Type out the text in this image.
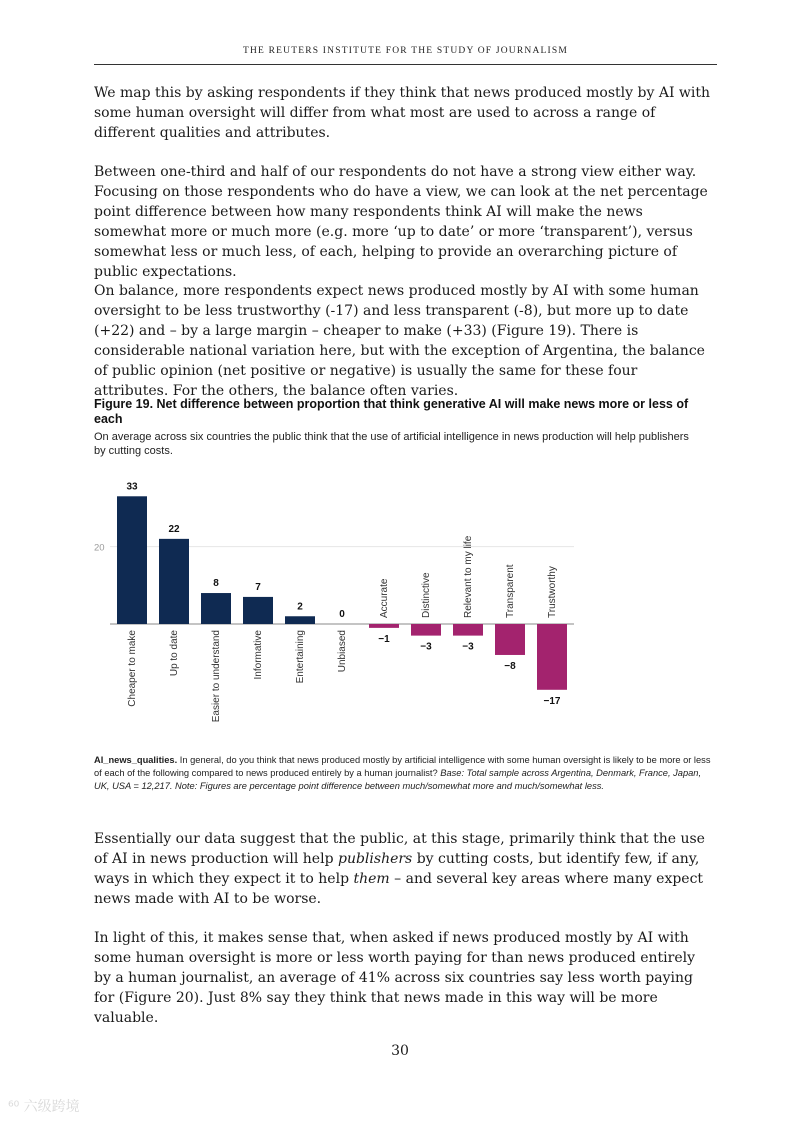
THE REUTERS INSTITUTE FOR THE STUDY OF JOURNALISM

We map this by asking respondents if they think that news produced mostly by AI with some human oversight will differ from what most are used to across a range of different qualities and attributes.

Between one-third and half of our respondents do not have a strong view either way. Focusing on those respondents who do have a view, we can look at the net percentage point difference between how many respondents think AI will make the news somewhat more or much more (e.g. more ‘up to date’ or more ‘transparent’), versus somewhat less or much less, of each, helping to provide an overarching picture of public expectations.

On balance, more respondents expect news produced mostly by AI with some human oversight to be less trustworthy (-17) and less transparent (-8), but more up to date (+22) and – by a large margin – cheaper to make (+33) (Figure 19). There is considerable national variation here, but with the exception of Argentina, the balance of public opinion (net positive or negative) is usually the same for these four attributes. For the others, the balance often varies.

Figure 19. Net difference between proportion that think generative AI will make news more or less of each

On average across six countries the public think that the use of artificial intelligence in news production will help publishers by cutting costs.

20
33
Cheaper to make
22
Up to date
8
Easier to understand
7
Informative
2
Entertaining
0
Unbiased	−1
Accurate
−3
Distinctive
−3
Relevant to my life
−8
Transparent
−17
Trustworthy

AI_news_qualities. In general, do you think that news produced mostly by artificial intelligence with some human oversight is likely to be more or less of each of the following compared to news produced entirely by a human journalist? Base: Total sample across Argentina, Denmark, France, Japan, UK, USA = 12,217. Note: Figures are percentage point difference between much/somewhat more and much/somewhat less.

Essentially our data suggest that the public, at this stage, primarily think that the use of AI in news production will help publishers by cutting costs, but identify few, if any, ways in which they expect it to help them – and several key areas where many expect news made with AI to be worse.

In light of this, it makes sense that, when asked if news produced mostly by AI with some human oversight is more or less worth paying for than news produced entirely by a human journalist, an average of 41% across six countries say less worth paying for (Figure 20). Just 8% say they think that news made in this way will be more valuable.

30
⁶⁰ 六级跨境
